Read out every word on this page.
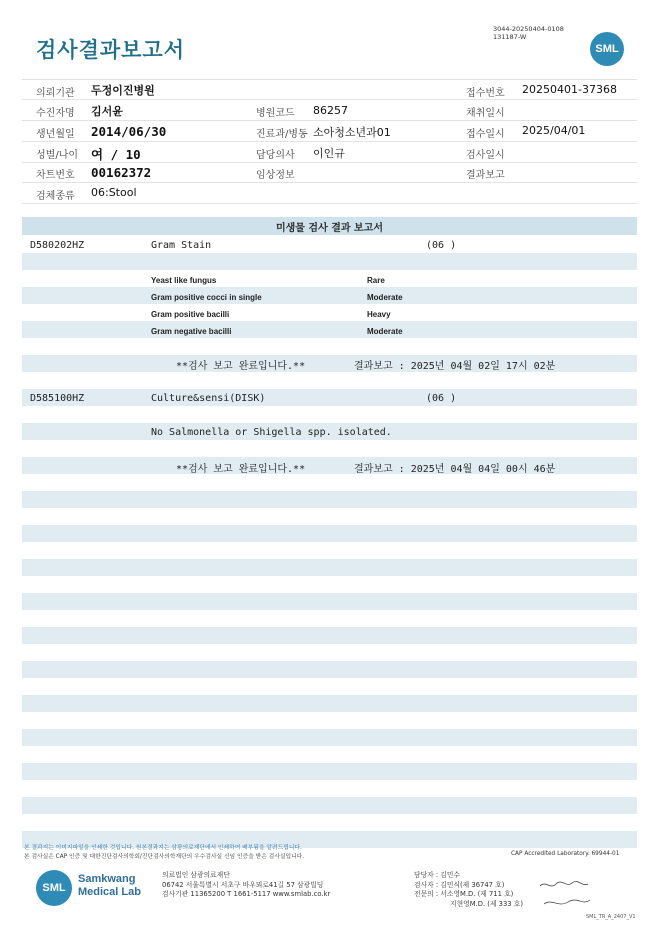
검사결과보고서
3044-20250404-0108
131187-W
SML
의뢰기관 두정이진병원	접수번호 20250401-37368
수진자명 김서윤	병원코드 86257	채취일시
생년월일 2014/06/30	진료과/병동 소아청소년과01	접수일시 2025/04/01
성별/나이 여 / 10	담당의사 이인규	검사일시
차트번호 00162372	임상정보	결과보고
검체종류 06:Stool
미생물 검사 결과 보고서
D580202HZ	Gram Stain	(06 )
Yeast like fungus	Rare
Gram positive cocci in single	Moderate
Gram positive bacilli	Heavy
Gram negative bacilli	Moderate
**검사 보고 완료입니다.**	결과보고 : 2025년 04월 02일 17시 02분
D585100HZ	Culture&sensi(DISK)	(06 )
No Salmonella or Shigella spp. isolated.
**검사 보고 완료입니다.**	결과보고 : 2025년 04월 04일 00시 46분
본 결과지는 이미지파일을 인쇄한 것입니다. 원본결과지는 삼광의료재단에서 인쇄하여 배부됨을 알려드립니다.
본 검사실은 CAP 인증 및 대한진단검사의학회/진단검사의학재단의 우수검사실 신임 인증을 받은 검사실입니다.	CAP Accredited Laboratory. 69944-01
SML
Samkwang
Medical Lab
의료법인 삼광의료재단
06742 서울특별시 서초구 바우뫼로41길 57 삼광빌딩
검사기관 11365200 T 1661-5117 www.smlab.co.kr
담당자 : 김민수
검사자 : 김민식(제 36747 호)
전문의 : 서소영M.D. (제 711 호)
지현영M.D. (제 333 호)
SML_TR_A_2407_V1
